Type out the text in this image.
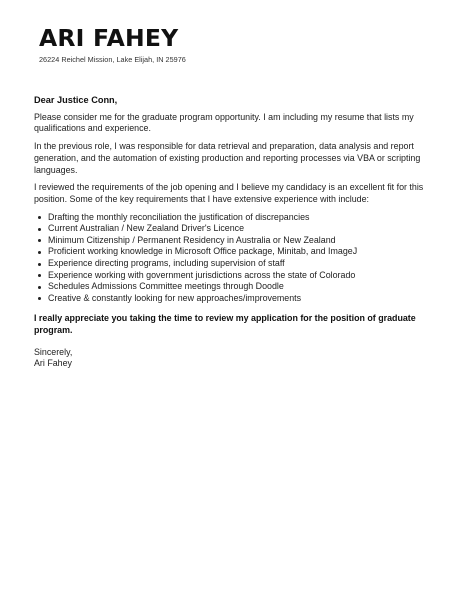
ARI FAHEY
26224 Reichel Mission, Lake Elijah, IN 25976

Dear Justice Conn,

Please consider me for the graduate program opportunity. I am including my resume that lists my qualifications and experience.

In the previous role, I was responsible for data retrieval and preparation, data analysis and report generation, and the automation of existing production and reporting processes via VBA or scripting languages.

I reviewed the requirements of the job opening and I believe my candidacy is an excellent fit for this position. Some of the key requirements that I have extensive experience with include:

Drafting the monthly reconciliation the justification of discrepancies
Current Australian / New Zealand Driver's Licence
Minimum Citizenship / Permanent Residency in Australia or New Zealand
Proficient working knowledge in Microsoft Office package, Minitab, and ImageJ
Experience directing programs, including supervision of staff
Experience working with government jurisdictions across the state of Colorado
Schedules Admissions Committee meetings through Doodle
Creative & constantly looking for new approaches/improvements

I really appreciate you taking the time to review my application for the position of graduate program.

Sincerely,

Ari Fahey
